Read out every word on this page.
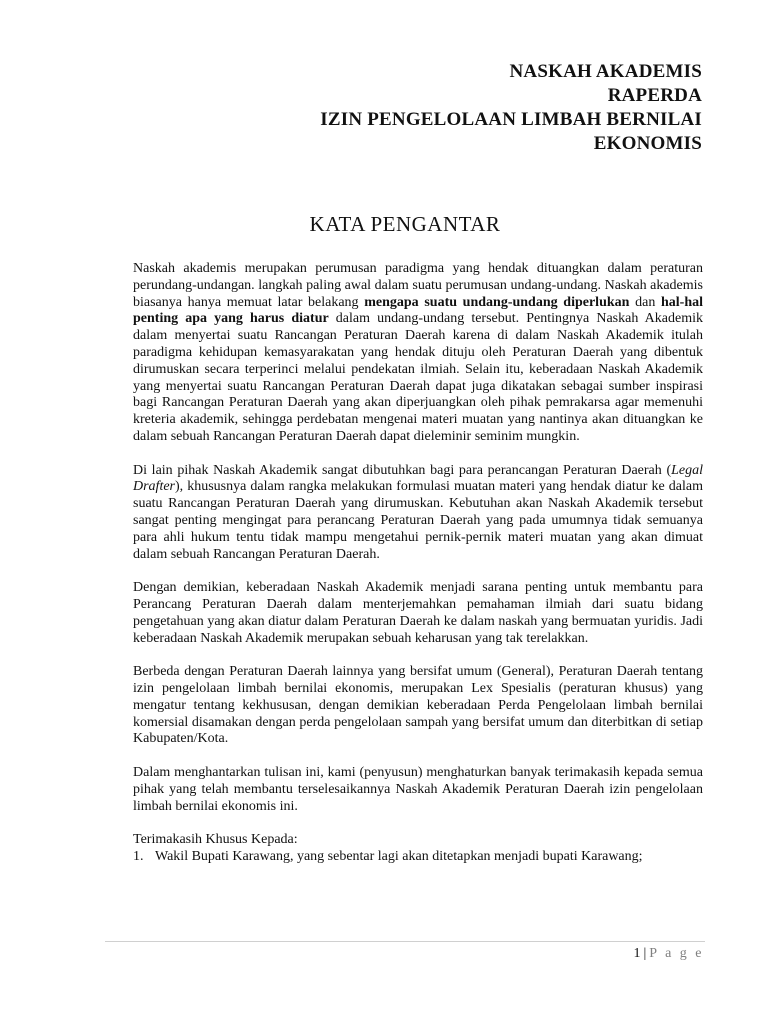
NASKAH AKADEMIS
RAPERDA
IZIN PENGELOLAAN LIMBAH BERNILAI
EKONOMIS
KATA PENGANTAR

Naskah akademis merupakan perumusan paradigma yang hendak dituangkan dalam peraturan perundang-undangan. langkah paling awal dalam suatu perumusan undang-undang. Naskah akademis biasanya hanya memuat latar belakang mengapa suatu undang-undang diperlukan dan hal-hal penting apa yang harus diatur dalam undang-undang tersebut. Pentingnya Naskah Akademik dalam menyertai suatu Rancangan Peraturan Daerah karena di dalam Naskah Akademik itulah paradigma kehidupan kemasyarakatan yang hendak dituju oleh Peraturan Daerah yang dibentuk dirumuskan secara terperinci melalui pendekatan ilmiah. Selain itu, keberadaan Naskah Akademik yang menyertai suatu Rancangan Peraturan Daerah dapat juga dikatakan sebagai sumber inspirasi bagi Rancangan Peraturan Daerah yang akan diperjuangkan oleh pihak pemrakarsa agar memenuhi kreteria akademik, sehingga perdebatan mengenai materi muatan yang nantinya akan dituangkan ke dalam sebuah Rancangan Peraturan Daerah dapat dieleminir seminim mungkin.

Di lain pihak Naskah Akademik sangat dibutuhkan bagi para perancangan Peraturan Daerah (Legal Drafter), khususnya dalam rangka melakukan formulasi muatan materi yang hendak diatur ke dalam suatu Rancangan Peraturan Daerah yang dirumuskan. Kebutuhan akan Naskah Akademik tersebut sangat penting mengingat para perancang Peraturan Daerah yang pada umumnya tidak semuanya para ahli hukum tentu tidak mampu mengetahui pernik-pernik materi muatan yang akan dimuat dalam sebuah Rancangan Peraturan Daerah.

Dengan demikian, keberadaan Naskah Akademik menjadi sarana penting untuk membantu para Perancang Peraturan Daerah dalam menterjemahkan pemahaman ilmiah dari suatu bidang pengetahuan yang akan diatur dalam Peraturan Daerah ke dalam naskah yang bermuatan yuridis. Jadi keberadaan Naskah Akademik merupakan sebuah keharusan yang tak terelakkan.

Berbeda dengan Peraturan Daerah lainnya yang bersifat umum (General), Peraturan Daerah tentang izin pengelolaan limbah bernilai ekonomis, merupakan Lex Spesialis (peraturan khusus) yang mengatur tentang kekhususan, dengan demikian keberadaan Perda Pengelolaan limbah bernilai komersial disamakan dengan perda pengelolaan sampah yang bersifat umum dan diterbitkan di setiap Kabupaten/Kota.

Dalam menghantarkan tulisan ini, kami (penyusun) menghaturkan banyak terimakasih kepada semua pihak yang telah membantu terselesaikannya Naskah Akademik Peraturan Daerah izin pengelolaan limbah bernilai ekonomis ini.

Terimakasih Khusus Kepada:

1. Wakil Bupati Karawang, yang sebentar lagi akan ditetapkan menjadi bupati Karawang;
1 | P a g e
